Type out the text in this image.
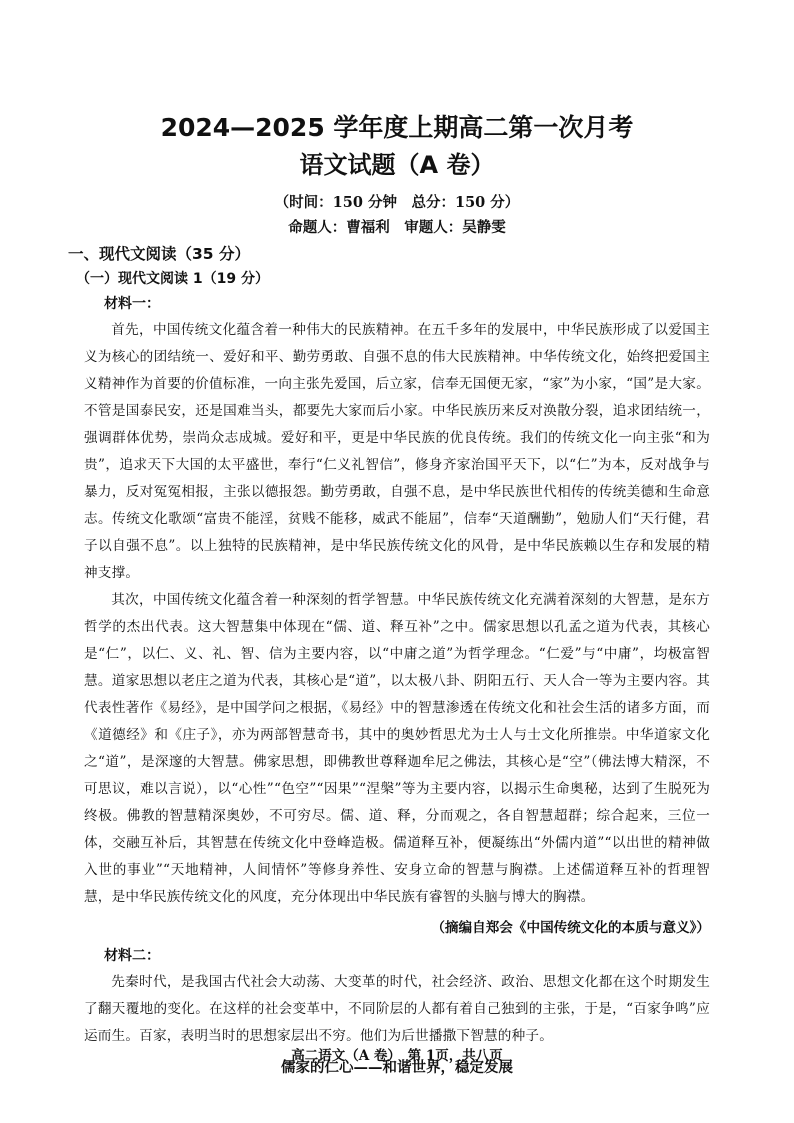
2024—2025 学年度上期高二第一次月考
语文试题（A 卷）

（时间：150 分钟　总分：150 分）

命题人：曹福利　审题人：吴静雯

一、现代文阅读（35 分）
（一）现代文阅读 1（19 分）
材料一：

首先，中国传统文化蕴含着一种伟大的民族精神。在五千多年的发展中，中华民族形成了以爱国主义为核心的团结统一、爱好和平、勤劳勇敢、自强不息的伟大民族精神。中华传统文化，始终把爱国主义精神作为首要的价值标准，一向主张先爱国，后立家，信奉无国便无家，“家”为小家，“国”是大家。不管是国泰民安，还是国难当头，都要先大家而后小家。中华民族历来反对涣散分裂，追求团结统一，强调群体优势，崇尚众志成城。爱好和平，更是中华民族的优良传统。我们的传统文化一向主张“和为贵”，追求天下大国的太平盛世，奉行“仁义礼智信”，修身齐家治国平天下，以“仁”为本，反对战争与暴力，反对冤冤相报，主张以德报怨。勤劳勇敢，自强不息，是中华民族世代相传的传统美德和生命意志。传统文化歌颂“富贵不能淫，贫贱不能移，威武不能屈”，信奉“天道酬勤”，勉励人们“天行健，君子以自强不息”。以上独特的民族精神，是中华民族传统文化的风骨，是中华民族赖以生存和发展的精神支撑。

其次，中国传统文化蕴含着一种深刻的哲学智慧。中华民族传统文化充满着深刻的大智慧，是东方哲学的杰出代表。这大智慧集中体现在“儒、道、释互补”之中。儒家思想以孔孟之道为代表，其核心是“仁”，以仁、义、礼、智、信为主要内容，以“中庸之道”为哲学理念。“仁爱”与“中庸”，均极富智慧。道家思想以老庄之道为代表，其核心是“道”，以太极八卦、阴阳五行、天人合一等为主要内容。其代表性著作《易经》，是中国学问之根据，《易经》中的智慧渗透在传统文化和社会生活的诸多方面，而《道德经》和《庄子》，亦为两部智慧奇书，其中的奥妙哲思尤为士人与士文化所推崇。中华道家文化之“道”，是深邃的大智慧。佛家思想，即佛教世尊释迦牟尼之佛法，其核心是“空”（佛法博大精深，不可思议，难以言说），以“心性”“色空”“因果”“涅槃”等为主要内容，以揭示生命奥秘，达到了生脱死为终极。佛教的智慧精深奥妙，不可穷尽。儒、道、释，分而观之，各自智慧超群；综合起来，三位一体，交融互补后，其智慧在传统文化中登峰造极。儒道释互补，便凝练出“外儒内道”“以出世的精神做入世的事业”“天地精神，人间情怀”等修身养性、安身立命的智慧与胸襟。上述儒道释互补的哲理智慧，是中华民族传统文化的风度，充分体现出中华民族有睿智的头脑与博大的胸襟。

（摘编自郑会《中国传统文化的本质与意义》）

材料二：

先秦时代，是我国古代社会大动荡、大变革的时代，社会经济、政治、思想文化都在这个时期发生了翻天覆地的变化。在这样的社会变革中，不同阶层的人都有着自己独到的主张，于是，“百家争鸣”应运而生。百家，表明当时的思想家层出不穷。他们为后世播撒下智慧的种子。

儒家的仁心——和谐世界，稳定发展
高二语文（A 卷）　第 1页，共八页
